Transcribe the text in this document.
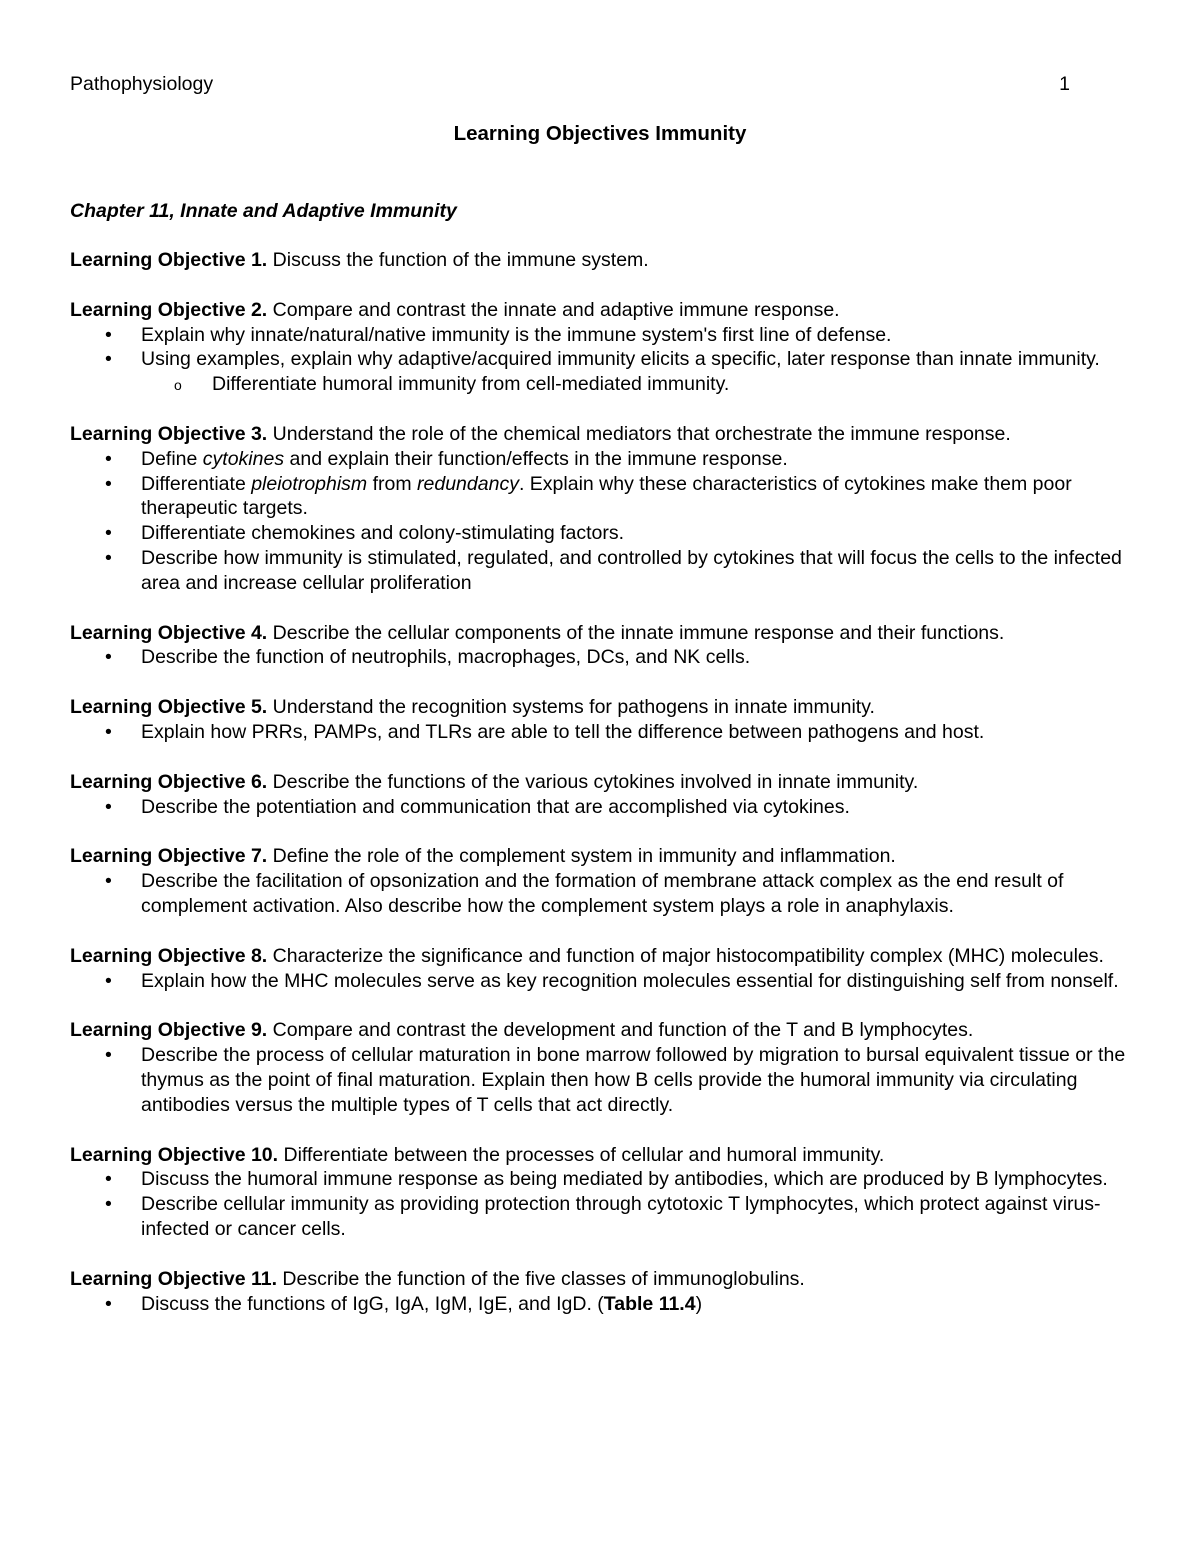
Pathophysiology	1
Learning Objectives Immunity
Chapter 11, Innate and Adaptive Immunity
Learning Objective 1. Discuss the function of the immune system.
Learning Objective 2. Compare and contrast the innate and adaptive immune response.
• Explain why innate/natural/native immunity is the immune system's first line of defense.
• Using examples, explain why adaptive/acquired immunity elicits a specific, later response than innate immunity.
o Differentiate humoral immunity from cell-mediated immunity.
Learning Objective 3. Understand the role of the chemical mediators that orchestrate the immune response.
• Define cytokines and explain their function/effects in the immune response.
• Differentiate pleiotrophism from redundancy. Explain why these characteristics of cytokines make them poor therapeutic targets.
• Differentiate chemokines and colony-stimulating factors.
• Describe how immunity is stimulated, regulated, and controlled by cytokines that will focus the cells to the infected area and increase cellular proliferation
Learning Objective 4. Describe the cellular components of the innate immune response and their functions.
• Describe the function of neutrophils, macrophages, DCs, and NK cells.
Learning Objective 5. Understand the recognition systems for pathogens in innate immunity.
• Explain how PRRs, PAMPs, and TLRs are able to tell the difference between pathogens and host.
Learning Objective 6. Describe the functions of the various cytokines involved in innate immunity.
• Describe the potentiation and communication that are accomplished via cytokines.
Learning Objective 7. Define the role of the complement system in immunity and inflammation.
• Describe the facilitation of opsonization and the formation of membrane attack complex as the end result of complement activation. Also describe how the complement system plays a role in anaphylaxis.
Learning Objective 8. Characterize the significance and function of major histocompatibility complex (MHC) molecules.
• Explain how the MHC molecules serve as key recognition molecules essential for distinguishing self from nonself.
Learning Objective 9. Compare and contrast the development and function of the T and B lymphocytes.
• Describe the process of cellular maturation in bone marrow followed by migration to bursal equivalent tissue or the thymus as the point of final maturation. Explain then how B cells provide the humoral immunity via circulating antibodies versus the multiple types of T cells that act directly.
Learning Objective 10. Differentiate between the processes of cellular and humoral immunity.
• Discuss the humoral immune response as being mediated by antibodies, which are produced by B lymphocytes.
• Describe cellular immunity as providing protection through cytotoxic T lymphocytes, which protect against virus-infected or cancer cells.
Learning Objective 11. Describe the function of the five classes of immunoglobulins.
• Discuss the functions of IgG, IgA, IgM, IgE, and IgD. (Table 11.4)
